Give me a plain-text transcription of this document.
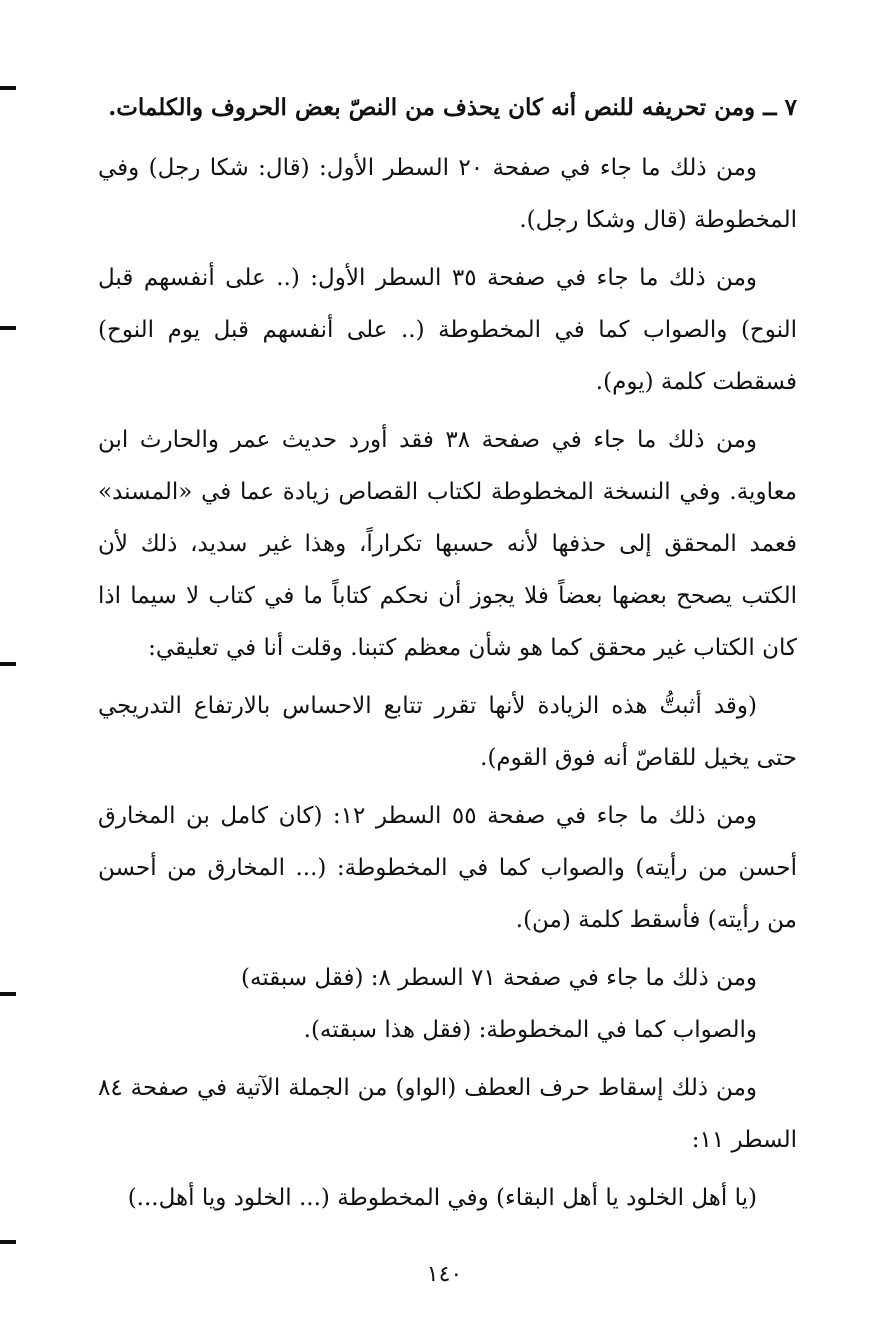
٧ ــ ومن تحريفه للنص أنه كان يحذف من النصّ بعض الحروف والكلمات.

ومن ذلك ما جاء في صفحة ٢٠ السطر الأول: (قال: شكا رجل) وفي المخطوطة (قال وشكا رجل).

ومن ذلك ما جاء في صفحة ٣٥ السطر الأول: (.. على أنفسهم قبل النوح) والصواب كما في المخطوطة (.. على أنفسهم قبل يوم النوح) فسقطت كلمة (يوم).

ومن ذلك ما جاء في صفحة ٣٨ فقد أورد حديث عمر والحارث ابن معاوية. وفي النسخة المخطوطة لكتاب القصاص زيادة عما في «المسند» فعمد المحقق إلى حذفها لأنه حسبها تكراراً، وهذا غير سديد، ذلك لأن الكتب يصحح بعضها بعضاً فلا يجوز أن نحكم كتاباً ما في كتاب لا سيما اذا كان الكتاب غير محقق كما هو شأن معظم كتبنا. وقلت أنا في تعليقي:

(وقد أثبتُّ هذه الزيادة لأنها تقرر تتابع الاحساس بالارتفاع التدريجي حتى يخيل للقاصّ أنه فوق القوم).

ومن ذلك ما جاء في صفحة ٥٥ السطر ١٢: (كان كامل بن المخارق أحسن من رأيته) والصواب كما في المخطوطة: (... المخارق من أحسن من رأيته) فأسقط كلمة (من).

ومن ذلك ما جاء في صفحة ٧١ السطر ٨: (فقل سبقته)

والصواب كما في المخطوطة: (فقل هذا سبقته).

ومن ذلك إسقاط حرف العطف (الواو) من الجملة الآتية في صفحة ٨٤ السطر ١١:

(يا أهل الخلود يا أهل البقاء) وفي المخطوطة (... الخلود ويا أهل...)

١٤٠
